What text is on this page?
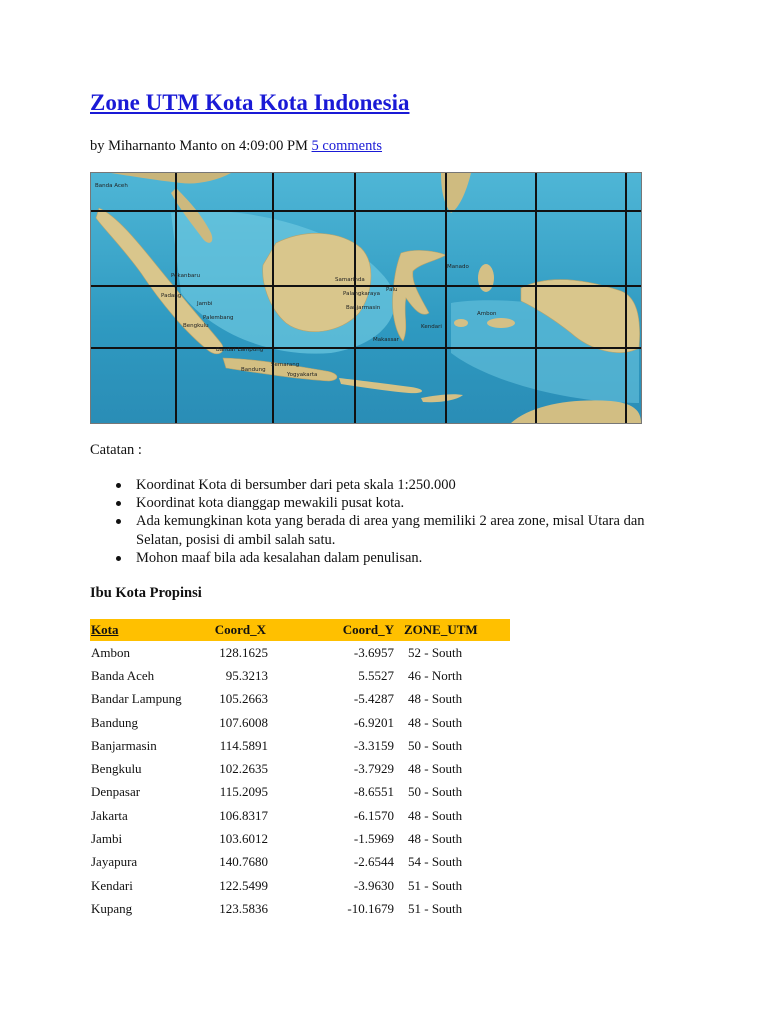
Zone UTM Kota Kota Indonesia
by Miharnanto Manto on 4:09:00 PM 5 comments
Banda Aceh
Pekanbaru
Padang
Jambi
Palembang
Bengkulu
Bandar Lampung
Bandung
Semarang
Yogyakarta
Samarinda
Palangkaraya
Banjarmasin
Palu
Makassar
Kendari
Manado
Ambon
Catatan :
Koordinat Kota di bersumber dari peta skala 1:250.000
Koordinat kota dianggap mewakili pusat kota.
Ada kemungkinan kota yang berada di area yang memiliki 2 area zone, misal Utara dan Selatan, posisi di ambil salah satu.
Mohon maaf bila ada kesalahan dalam penulisan.
Ibu Kota Propinsi
Kota	Coord_X	Coord_Y	ZONE_UTM
Ambon	128.1625	-3.6957	52 - South
Banda Aceh	95.3213	5.5527	46 - North
Bandar Lampung	105.2663	-5.4287	48 - South
Bandung	107.6008	-6.9201	48 - South
Banjarmasin	114.5891	-3.3159	50 - South
Bengkulu	102.2635	-3.7929	48 - South
Denpasar	115.2095	-8.6551	50 - South
Jakarta	106.8317	-6.1570	48 - South
Jambi	103.6012	-1.5969	48 - South
Jayapura	140.7680	-2.6544	54 - South
Kendari	122.5499	-3.9630	51 - South
Kupang	123.5836	-10.1679	51 - South
